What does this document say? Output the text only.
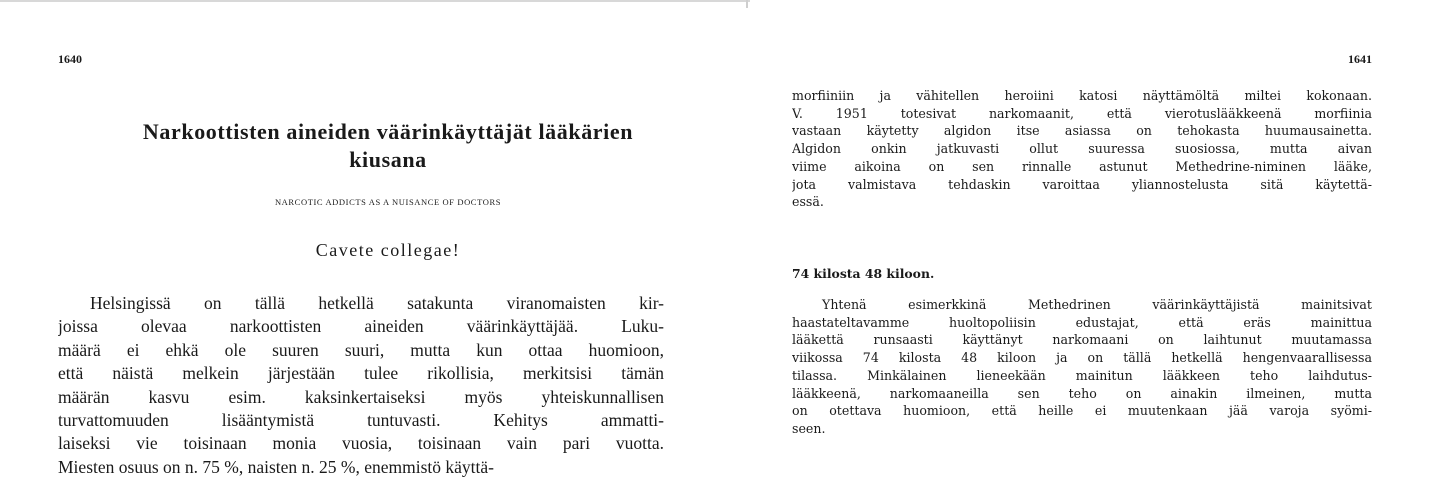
1640
Narkoottisten aineiden väärinkäyttäjät lääkärien
kiusana
NARCOTIC ADDICTS AS A NUISANCE OF DOCTORS
Cavete collegae!
Helsingissä on tällä hetkellä satakunta viranomaisten kir-
joissa olevaa narkoottisten aineiden väärinkäyttäjää. Luku-
määrä ei ehkä ole suuren suuri, mutta kun ottaa huomioon,
että näistä melkein järjestään tulee rikollisia, merkitsisi tämän
määrän kasvu esim. kaksinkertaiseksi myös yhteiskunnallisen
turvattomuuden lisääntymistä tuntuvasti. Kehitys ammatti-
laiseksi vie toisinaan monia vuosia, toisinaan vain pari vuotta.
Miesten osuus on n. 75 %, naisten n. 25 %, enemmistö käyttä-
1641
morfiiniin ja vähitellen heroiini katosi näyttämöltä miltei kokonaan.
V. 1951 totesivat narkomaanit, että vierotuslääkkeenä morfiinia
vastaan käytetty algidon itse asiassa on tehokasta huumausainetta.
Algidon onkin jatkuvasti ollut suuressa suosiossa, mutta aivan
viime aikoina on sen rinnalle astunut Methedrine-niminen lääke,
jota valmistava tehdaskin varoittaa yliannostelusta sitä käytettä-
essä.
74 kilosta 48 kiloon.
Yhtenä esimerkkinä Methedrinen väärinkäyttäjistä mainitsivat
haastateltavamme huoltopoliisin edustajat, että eräs mainittua
lääkettä runsaasti käyttänyt narkomaani on laihtunut muutamassa
viikossa 74 kilosta 48 kiloon ja on tällä hetkellä hengenvaarallisessa
tilassa. Minkälainen lieneekään mainitun lääkkeen teho laihdutus-
lääkkeenä, narkomaaneilla sen teho on ainakin ilmeinen, mutta
on otettava huomioon, että heille ei muutenkaan jää varoja syömi-
seen.
